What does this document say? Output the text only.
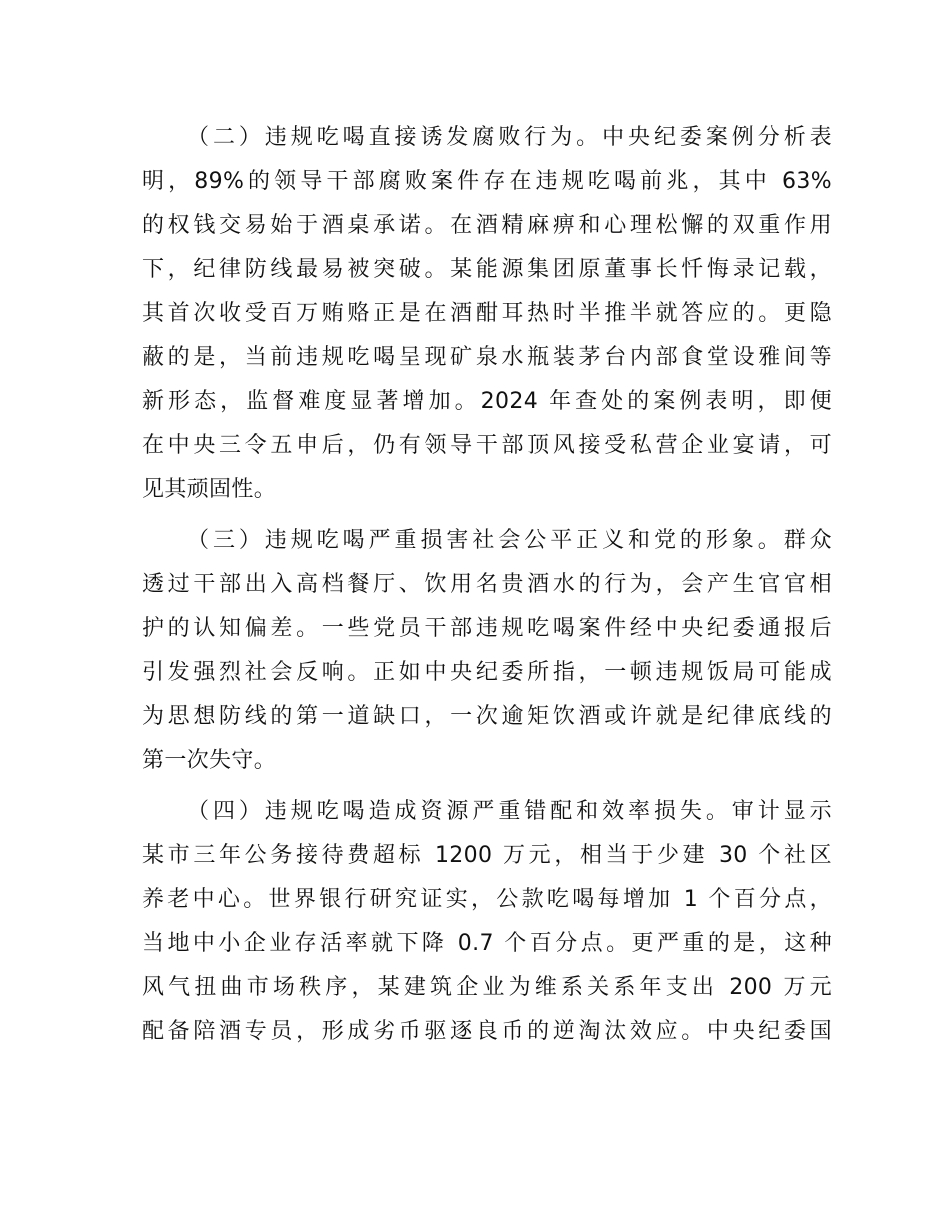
（二）违规吃喝直接诱发腐败行为。中央纪委案例分析表
明，89%的领导干部腐败案件存在违规吃喝前兆，其中 63%
的权钱交易始于酒桌承诺。在酒精麻痹和心理松懈的双重作用
下，纪律防线最易被突破。某能源集团原董事长忏悔录记载，
其首次收受百万贿赂正是在酒酣耳热时半推半就答应的。更隐
蔽的是，当前违规吃喝呈现矿泉水瓶装茅台内部食堂设雅间等
新形态，监督难度显著增加。2024 年查处的案例表明，即便
在中央三令五申后，仍有领导干部顶风接受私营企业宴请，可
见其顽固性。
（三）违规吃喝严重损害社会公平正义和党的形象。群众
透过干部出入高档餐厅、饮用名贵酒水的行为，会产生官官相
护的认知偏差。一些党员干部违规吃喝案件经中央纪委通报后
引发强烈社会反响。正如中央纪委所指，一顿违规饭局可能成
为思想防线的第一道缺口，一次逾矩饮酒或许就是纪律底线的
第一次失守。
（四）违规吃喝造成资源严重错配和效率损失。审计显示
某市三年公务接待费超标 1200 万元，相当于少建 30 个社区
养老中心。世界银行研究证实，公款吃喝每增加 1 个百分点，
当地中小企业存活率就下降 0.7 个百分点。更严重的是，这种
风气扭曲市场秩序，某建筑企业为维系关系年支出 200 万元
配备陪酒专员，形成劣币驱逐良币的逆淘汰效应。中央纪委国
